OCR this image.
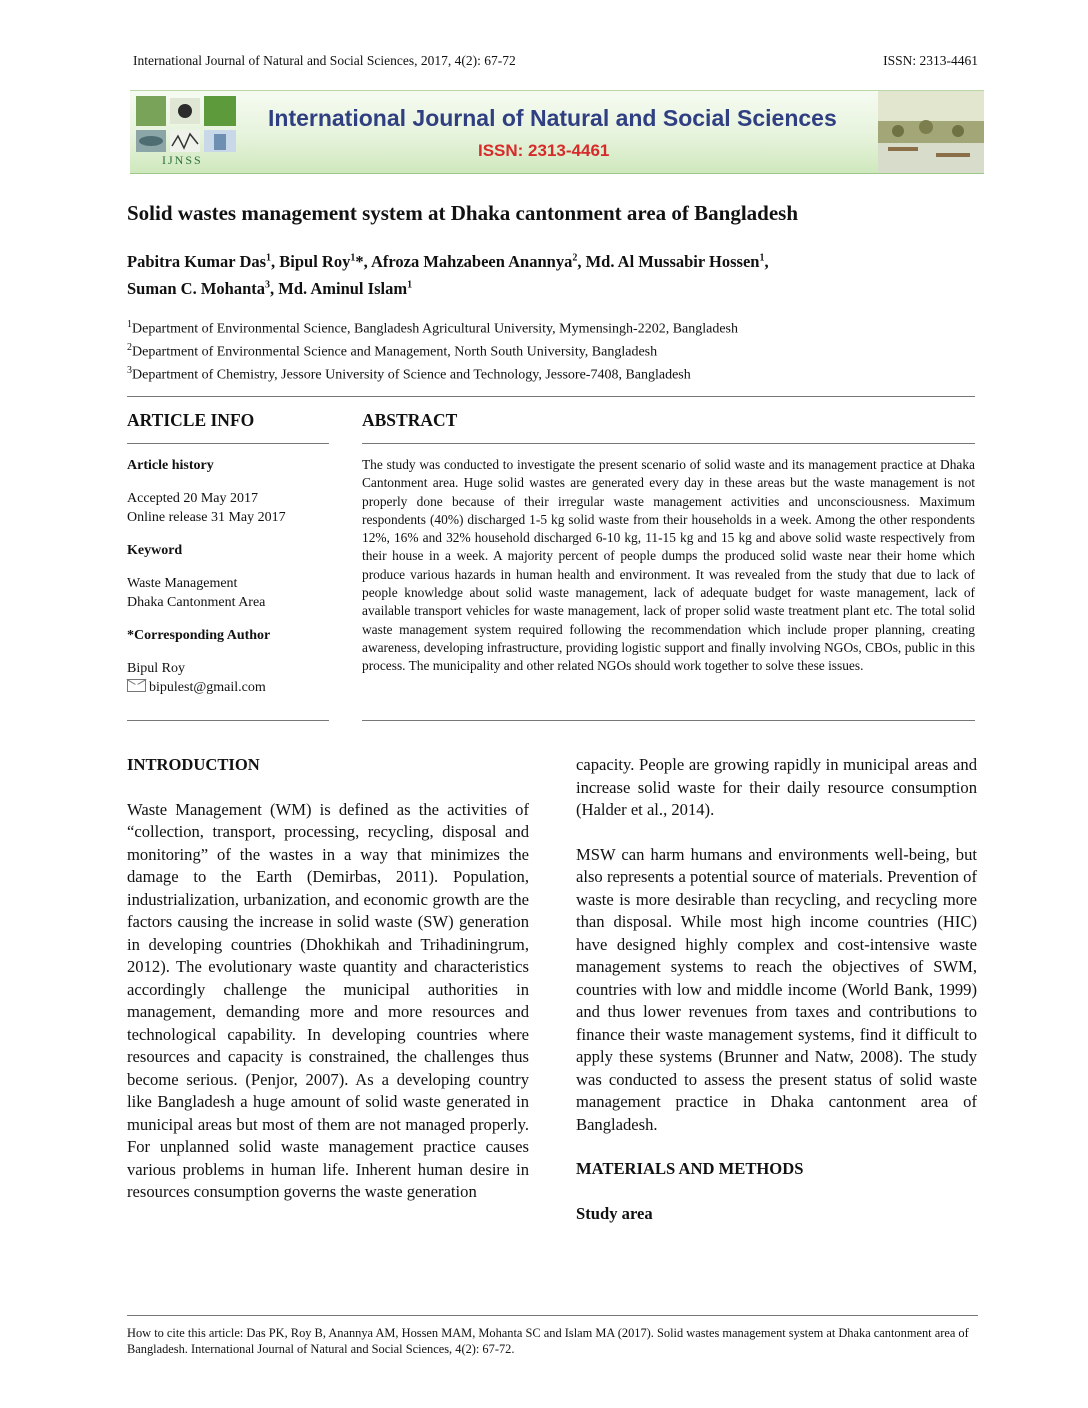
International Journal of Natural and Social Sciences, 2017, 4(2): 67-72	ISSN: 2313-4461
IJNSS
International Journal of Natural and Social Sciences
ISSN: 2313-4461
Solid wastes management system at Dhaka cantonment area of Bangladesh
Pabitra Kumar Das$^1$, Bipul Roy$^1$*, Afroza Mahzabeen Anannya$^2$, Md. Al Mussabir Hossen$^1$,
Suman C. Mohanta$^3$, Md. Aminul Islam$^1$
$^1$Department of Environmental Science, Bangladesh Agricultural University, Mymensingh-2202, Bangladesh
$^2$Department of Environmental Science and Management, North South University, Bangladesh
$^3$Department of Chemistry, Jessore University of Science and Technology, Jessore-7408, Bangladesh
ARTICLE INFO	ABSTRACT
Article history
Accepted 20 May 2017
Online release 31 May 2017
Keyword
Waste Management
Dhaka Cantonment Area
*Corresponding Author
Bipul Roy
bipulest@gmail.com
The study was conducted to investigate the present scenario of solid waste and its management practice at Dhaka Cantonment area. Huge solid wastes are generated every day in these areas but the waste management is not properly done because of their irregular waste management activities and unconsciousness. Maximum respondents (40%) discharged 1-5 kg solid waste from their households in a week. Among the other respondents 12%, 16% and 32% household discharged 6-10 kg, 11-15 kg and 15 kg and above solid waste respectively from their house in a week. A majority percent of people dumps the produced solid waste near their home which produce various hazards in human health and environment. It was revealed from the study that due to lack of people knowledge about solid waste management, lack of adequate budget for waste management, lack of available transport vehicles for waste management, lack of proper solid waste treatment plant etc. The total solid waste management system required following the recommendation which include proper planning, creating awareness, developing infrastructure, providing logistic support and finally involving NGOs, CBOs, public in this process. The municipality and other related NGOs should work together to solve these issues.

INTRODUCTION

Waste Management (WM) is defined as the activities of “collection, transport, processing, recycling, disposal and monitoring” of the wastes in a way that minimizes the damage to the Earth (Demirbas, 2011). Population, industrialization, urbanization, and economic growth are the factors causing the increase in solid waste (SW) generation in developing countries (Dhokhikah and Trihadiningrum, 2012). The evolutionary waste quantity and characteristics accordingly challenge the municipal authorities in management, demanding more and more resources and technological capability. In developing countries where resources and capacity is constrained, the challenges thus become serious. (Penjor, 2007). As a developing country like Bangladesh a huge amount of solid waste generated in municipal areas but most of them are not managed properly. For unplanned solid waste management practice causes various problems in human life. Inherent human desire in resources consumption governs the waste generation

capacity. People are growing rapidly in municipal areas and increase solid waste for their daily resource consumption (Halder et al., 2014).

MSW can harm humans and environments well-being, but also represents a potential source of materials. Prevention of waste is more desirable than recycling, and recycling more than disposal. While most high income countries (HIC) have designed highly complex and cost-intensive waste management systems to reach the objectives of SWM, countries with low and middle income (World Bank, 1999) and thus lower revenues from taxes and contributions to finance their waste management systems, find it difficult to apply these systems (Brunner and Natw, 2008). The study was conducted to assess the present status of solid waste management practice in Dhaka cantonment area of Bangladesh.

MATERIALS AND METHODS

Study area

How to cite this article: Das PK, Roy B, Anannya AM, Hossen MAM, Mohanta SC and Islam MA (2017). Solid wastes management system at Dhaka cantonment area of Bangladesh. International Journal of Natural and Social Sciences, 4(2): 67-72.
